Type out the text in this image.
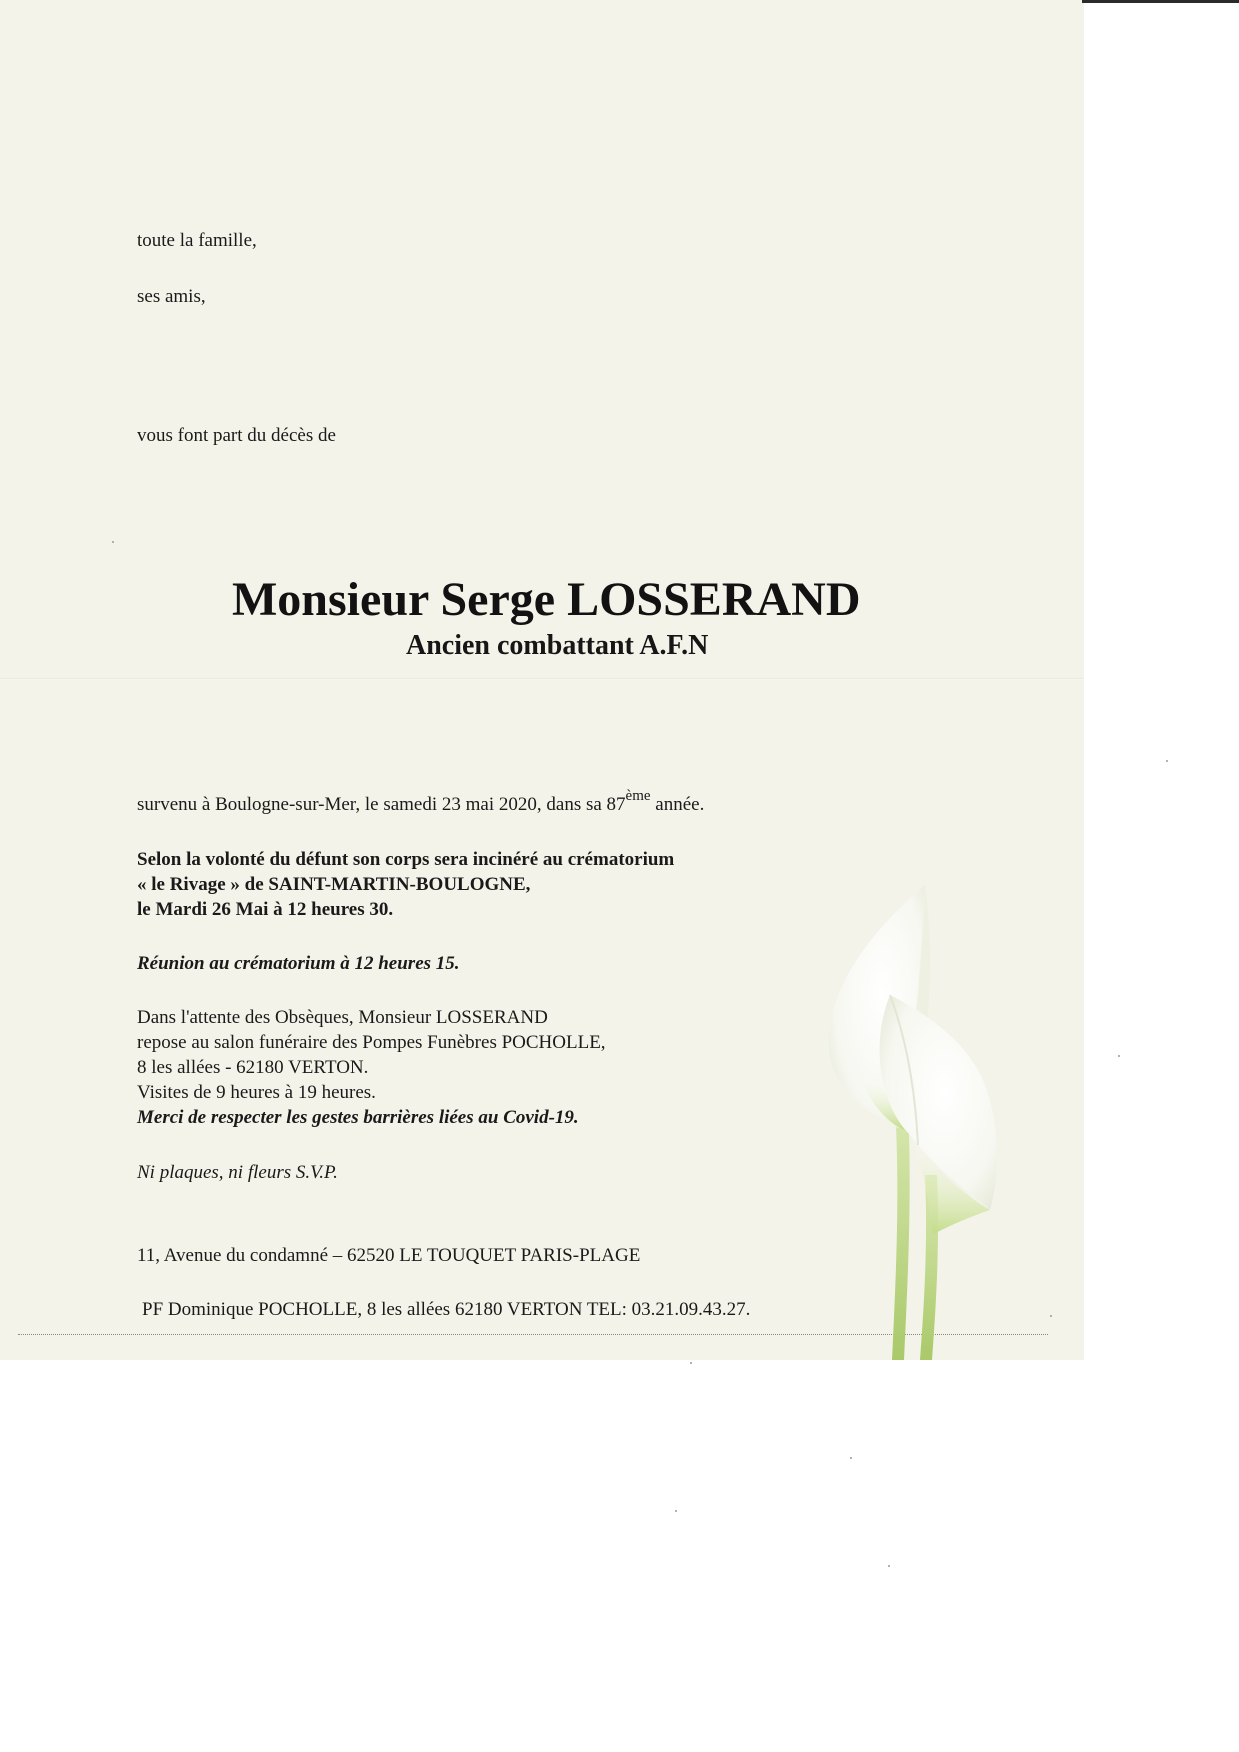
toute la famille,
ses amis,
vous font part du décès de
Monsieur Serge LOSSERAND
Ancien combattant A.F.N
survenu à Boulogne-sur-Mer, le samedi 23 mai 2020, dans sa 87ème année.
Selon la volonté du défunt son corps sera incinéré au crématorium
« le Rivage » de SAINT-MARTIN-BOULOGNE,
le Mardi 26 Mai à 12 heures 30.
Réunion au crématorium à 12 heures 15.
Dans l'attente des Obsèques, Monsieur LOSSERAND
repose au salon funéraire des Pompes Funèbres POCHOLLE,
8 les allées - 62180 VERTON.
Visites de 9 heures à 19 heures.
Merci de respecter les gestes barrières liées au Covid-19.
Ni plaques, ni fleurs S.V.P.
11, Avenue du condamné – 62520 LE TOUQUET PARIS-PLAGE
PF Dominique POCHOLLE, 8 les allées 62180 VERTON TEL: 03.21.09.43.27.
